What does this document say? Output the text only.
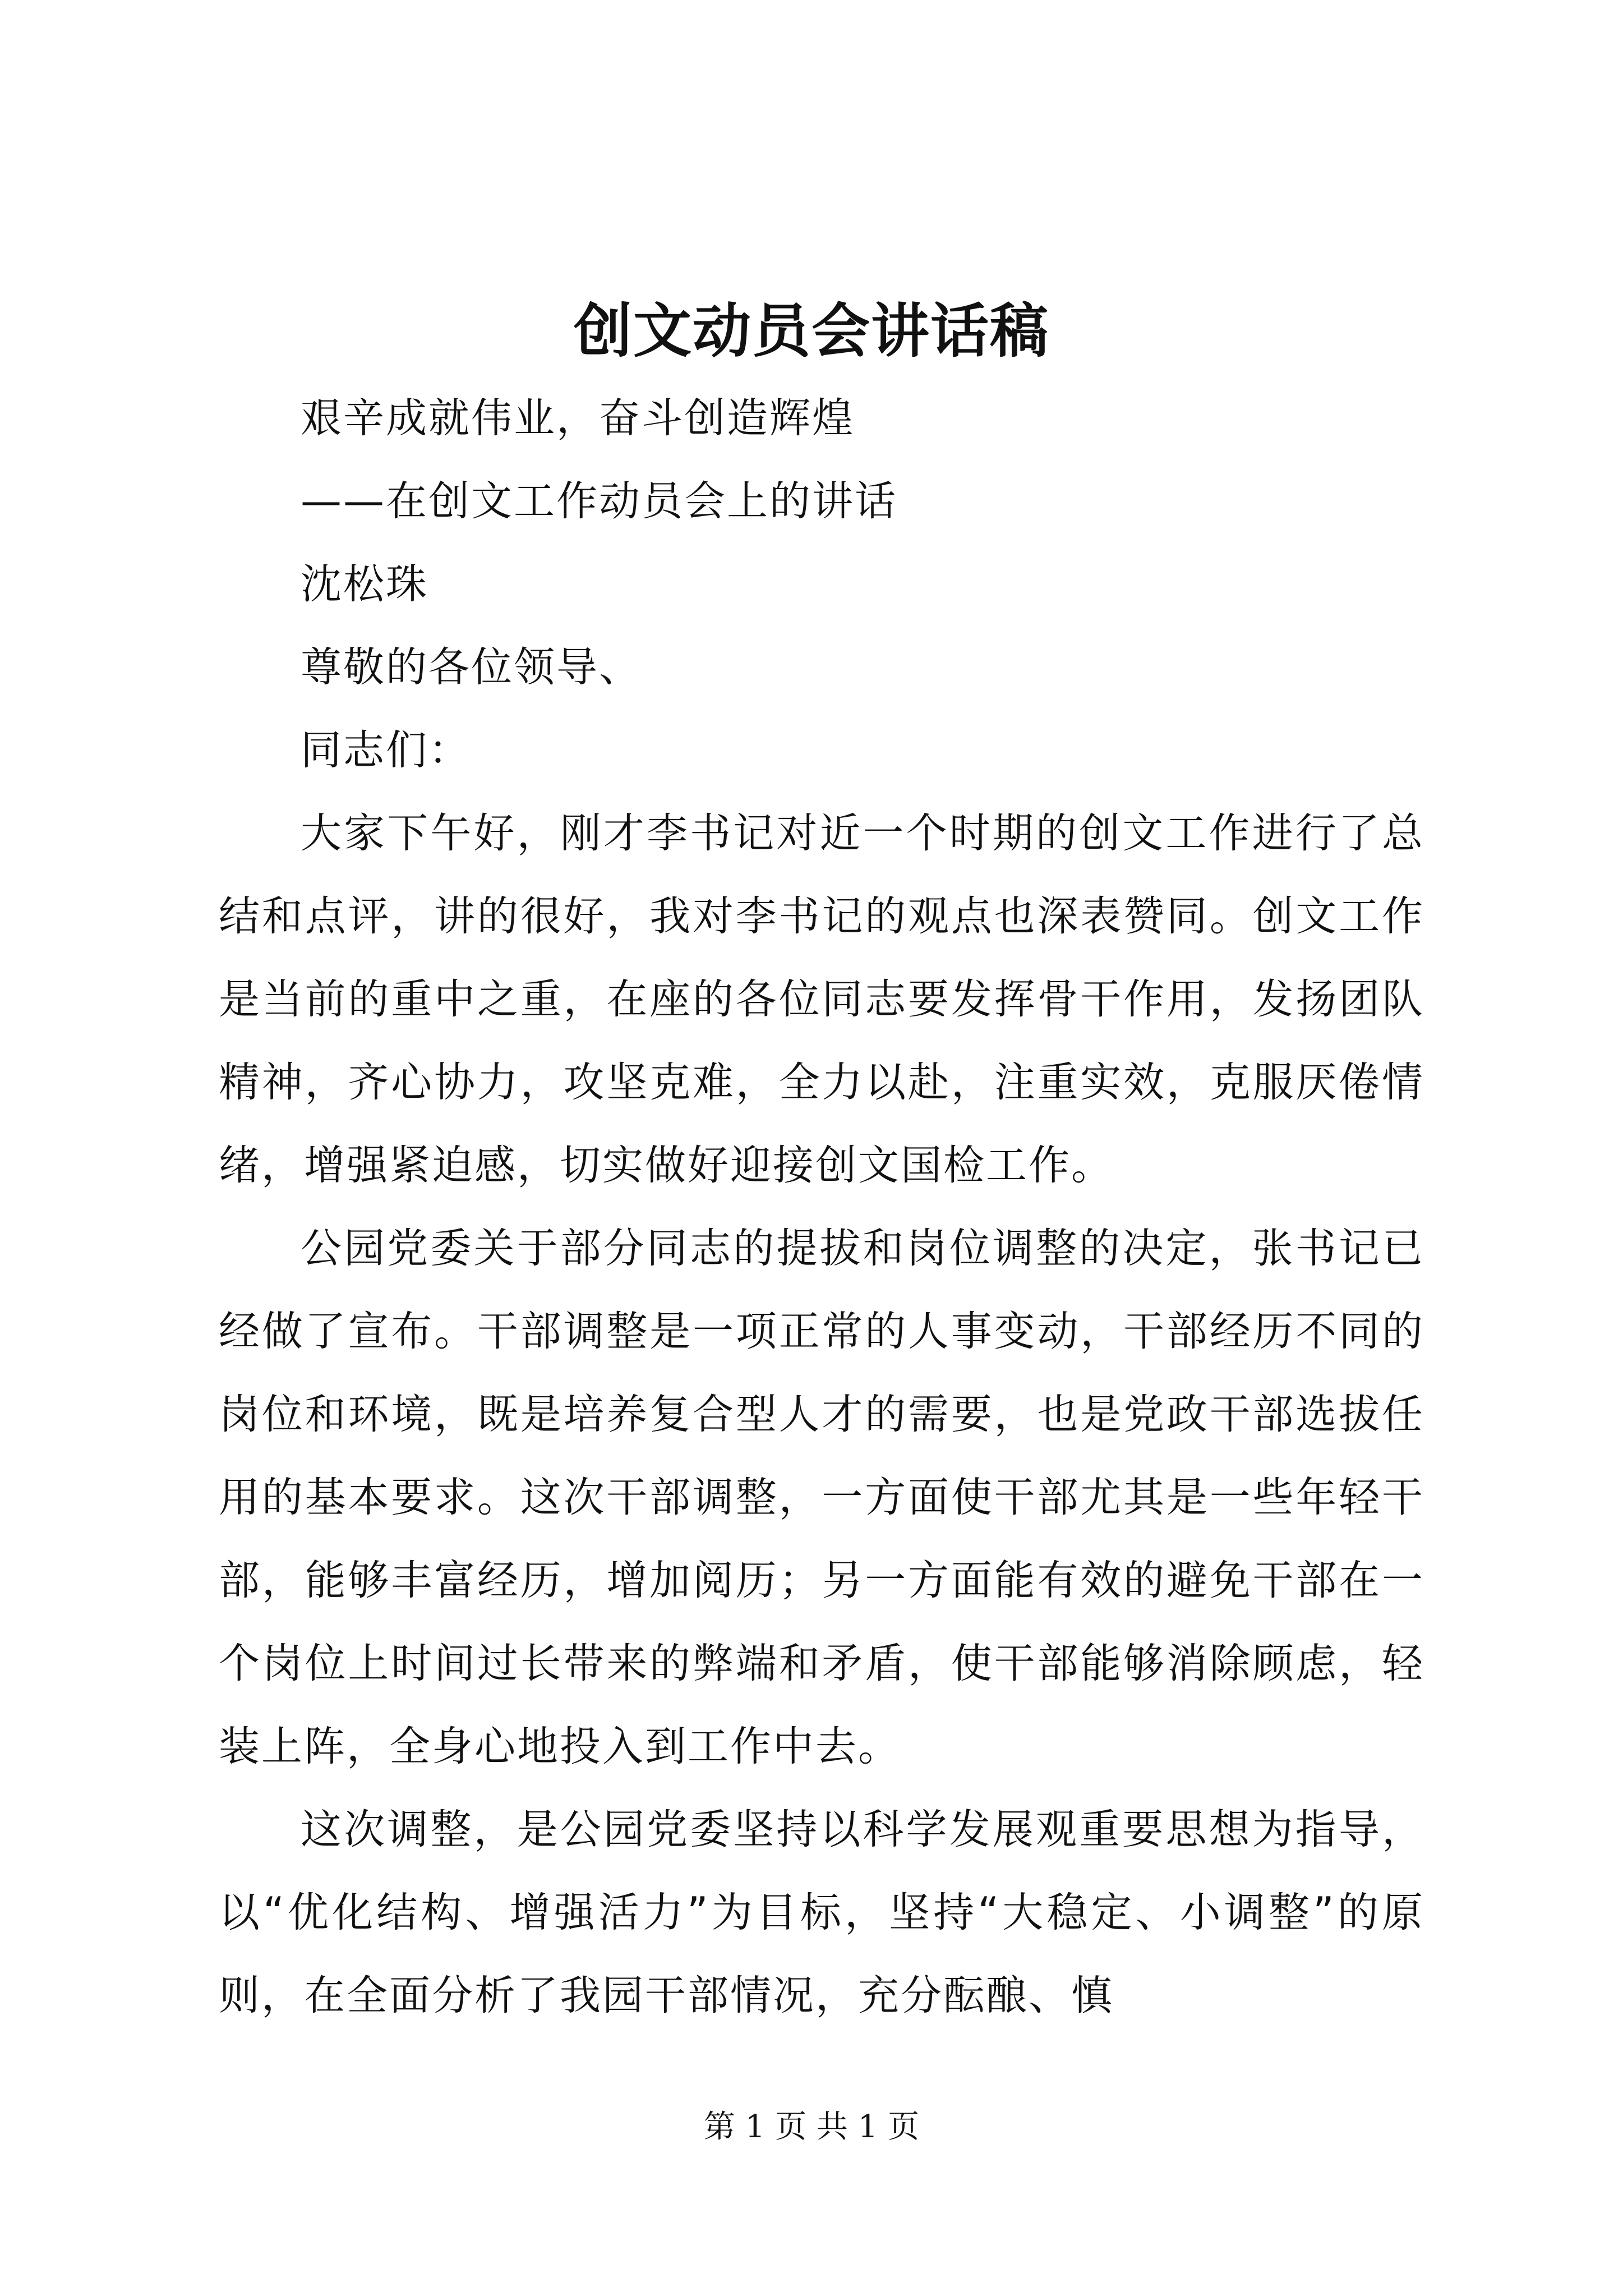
创文动员会讲话稿

艰辛成就伟业，奋斗创造辉煌

——在创文工作动员会上的讲话

沈松珠

尊敬的各位领导、

同志们：

大家下午好，刚才李书记对近一个时期的创文工作进行了总结和点评，讲的很好，我对李书记的观点也深表赞同。创文工作是当前的重中之重，在座的各位同志要发挥骨干作用，发扬团队精神，齐心协力，攻坚克难，全力以赴，注重实效，克服厌倦情绪，增强紧迫感，切实做好迎接创文国检工作。

公园党委关于部分同志的提拔和岗位调整的决定，张书记已经做了宣布。干部调整是一项正常的人事变动，干部经历不同的岗位和环境，既是培养复合型人才的需要，也是党政干部选拔任用的基本要求。这次干部调整，一方面使干部尤其是一些年轻干部，能够丰富经历，增加阅历；另一方面能有效的避免干部在一个岗位上时间过长带来的弊端和矛盾，使干部能够消除顾虑，轻装上阵，全身心地投入到工作中去。

这次调整，是公园党委坚持以科学发展观重要思想为指导，以“优化结构、增强活力”为目标，坚持“大稳定、小调整”的原则，在全面分析了我园干部情况，充分酝酿、慎

第 1 页 共 1 页
